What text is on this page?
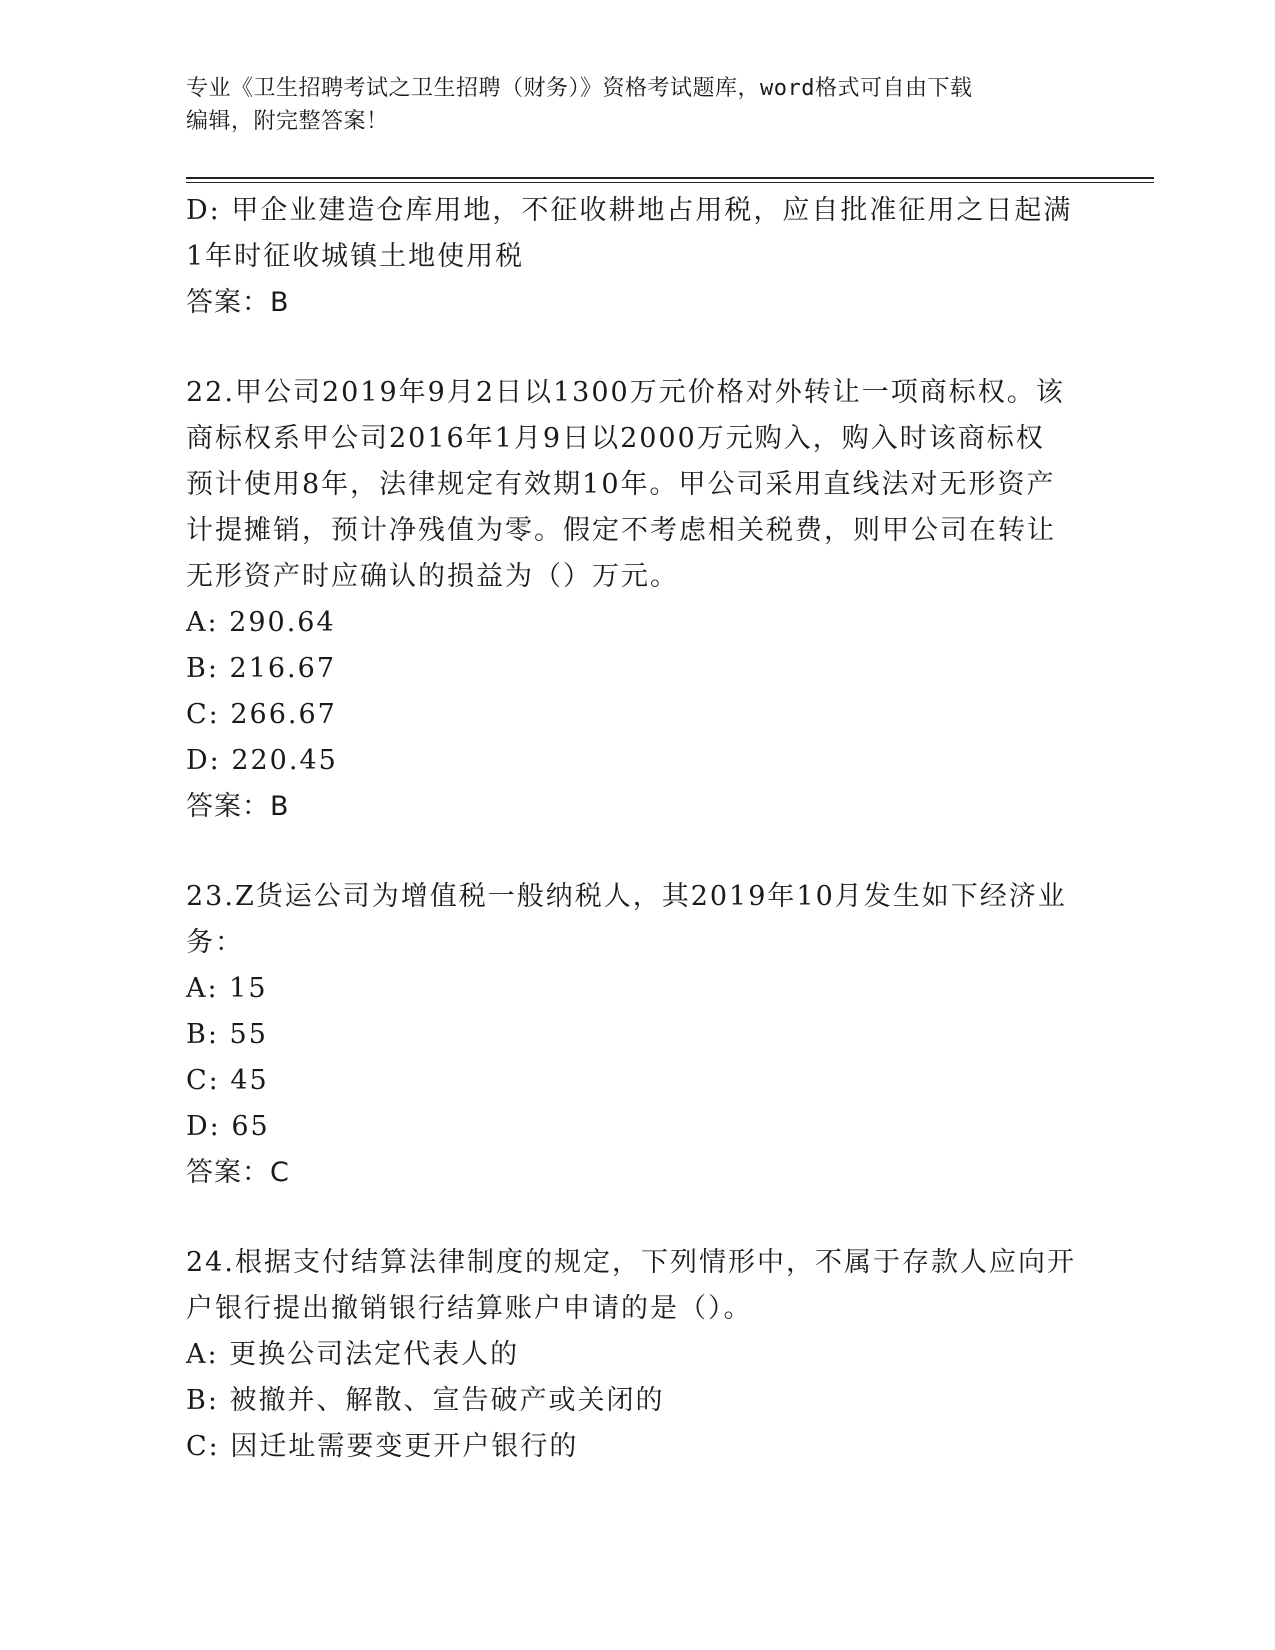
专业《卫生招聘考试之卫生招聘（财务）》资格考试题库，word格式可自由下载
编辑，附完整答案！
D: 甲企业建造仓库用地，不征收耕地占用税，应自批准征用之日起满
1年时征收城镇土地使用税
答案：B
22.甲公司2019年9月2日以1300万元价格对外转让一项商标权。该
商标权系甲公司2016年1月9日以2000万元购入，购入时该商标权
预计使用8年，法律规定有效期10年。甲公司采用直线法对无形资产
计提摊销，预计净残值为零。假定不考虑相关税费，则甲公司在转让
无形资产时应确认的损益为（）万元。
A: 290.64
B: 216.67
C: 266.67
D: 220.45
答案：B
23.Z货运公司为增值税一般纳税人，其2019年10月发生如下经济业
务：
A: 15
B: 55
C: 45
D: 65
答案：C
24.根据支付结算法律制度的规定，下列情形中，不属于存款人应向开
户银行提出撤销银行结算账户申请的是（）。
A: 更换公司法定代表人的
B: 被撤并、解散、宣告破产或关闭的
C: 因迁址需要变更开户银行的
